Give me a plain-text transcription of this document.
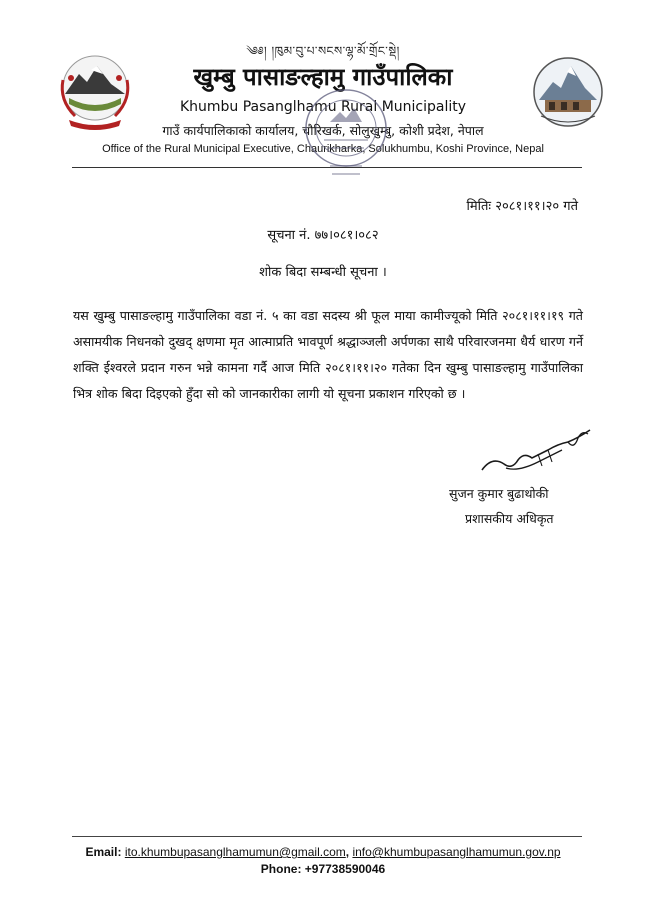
༄༅། །ཁུམ་བུ་པ་སངས་ལྷ་མོ་གྲོང་སྡེ།
खुम्बु पासाङल्हामु गाउँपालिका
Khumbu Pasanglhamu Rural Municipality
गाउँ कार्यपालिकाको कार्यालय, चौरिखर्क, सोलुखुम्बु, कोशी प्रदेश, नेपाल
Office of the Rural Municipal Executive, Chaurikharka, Solukhumbu, Koshi Province, Nepal
मितिः २०८१।११।२० गते
सूचना नं. ७७।०८१।०८२
शोक बिदा सम्बन्धी सूचना ।
यस खुम्बु पासाङल्हामु गाउँपालिका वडा नं. ५ का वडा सदस्य श्री फूल माया कामीज्यूको मिति २०८१।११।१९ गते असामयीक निधनको दुखद् क्षणमा मृत आत्माप्रति भावपूर्ण श्रद्धाञ्जली अर्पणका साथै परिवारजनमा धैर्य धारण गर्ने शक्ति ईश्वरले प्रदान गरुन भन्ने कामना गर्दै आज मिति २०८१।११।२० गतेका दिन खुम्बु पासाङल्हामु गाउँपालिका भित्र शोक बिदा दिइएको हुँदा सो को जानकारीका लागी यो सूचना प्रकाशन गरिएको छ ।
सुजन कुमार बुढाथोकी
प्रशासकीय अधिकृत
Email: ito.khumbupasanglhamumun@gmail.com, info@khumbupasanglhamumun.gov.np
Phone: +97738590046
